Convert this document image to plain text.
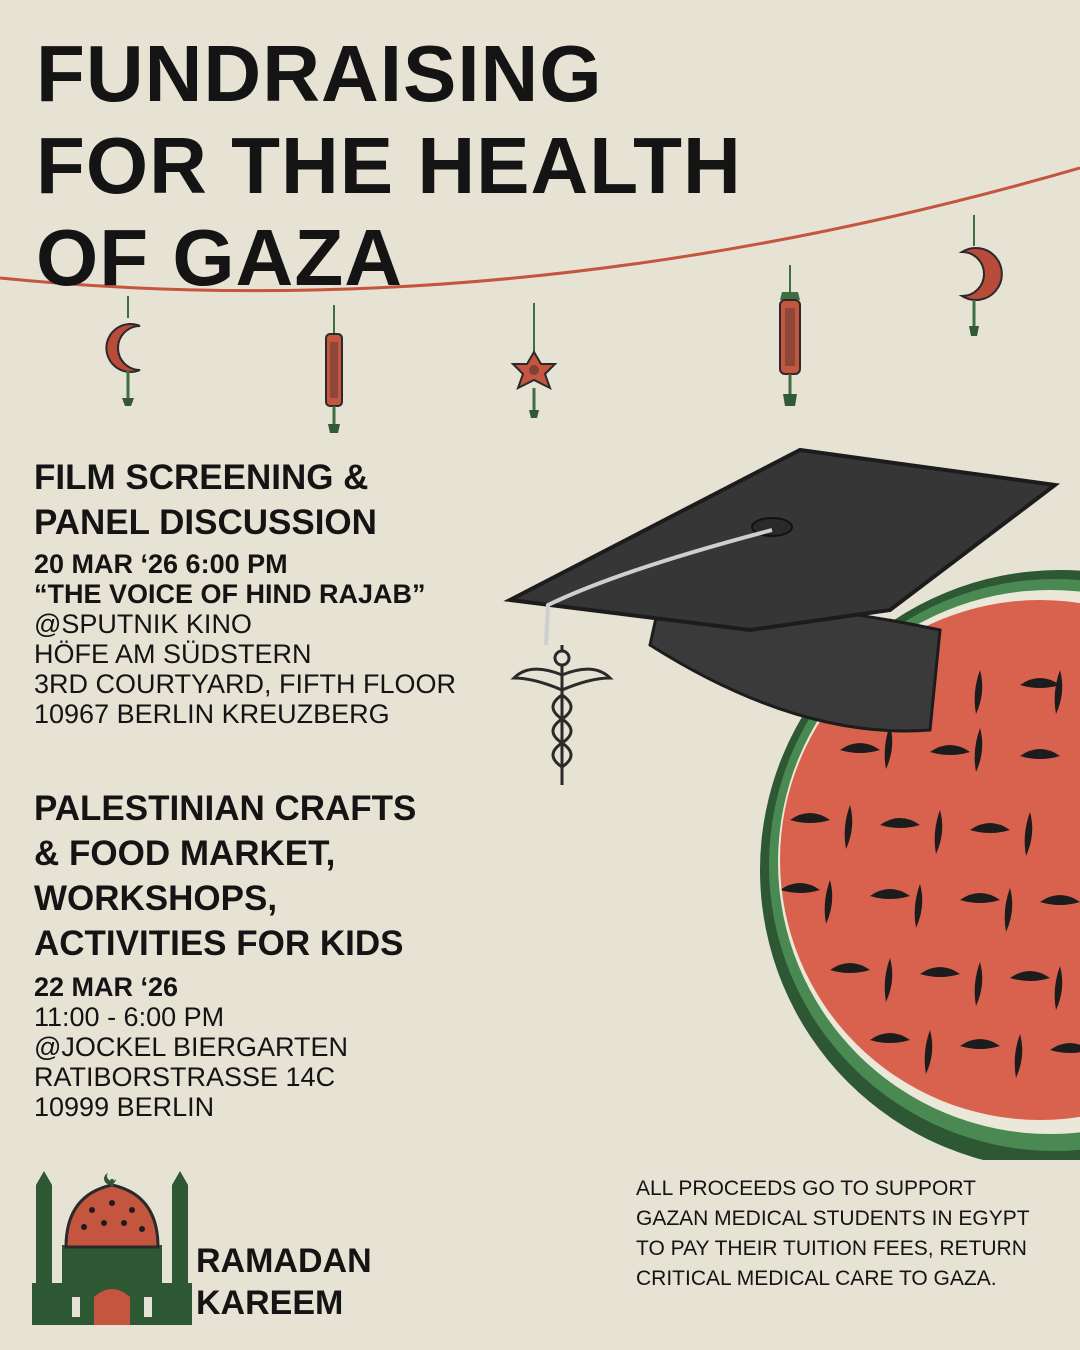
FUNDRAISING
FOR THE HEALTH
OF GAZA
FILM SCREENING &
PANEL DISCUSSION
20 MAR ‘26 6:00 PM
“THE VOICE OF HIND RAJAB”
@SPUTNIK KINO
HÖFE AM SÜDSTERN
3RD COURTYARD, FIFTH FLOOR
10967 BERLIN KREUZBERG
PALESTINIAN CRAFTS
& FOOD MARKET,
WORKSHOPS,
ACTIVITIES FOR KIDS
22 MAR ‘26
11:00 - 6:00 PM
@JOCKEL BIERGARTEN
RATIBORSTRASSE 14C
10999 BERLIN
RAMADAN
KAREEM
ALL PROCEEDS GO TO SUPPORT
GAZAN MEDICAL STUDENTS IN EGYPT
TO PAY THEIR TUITION FEES, RETURN
CRITICAL MEDICAL CARE TO GAZA.
